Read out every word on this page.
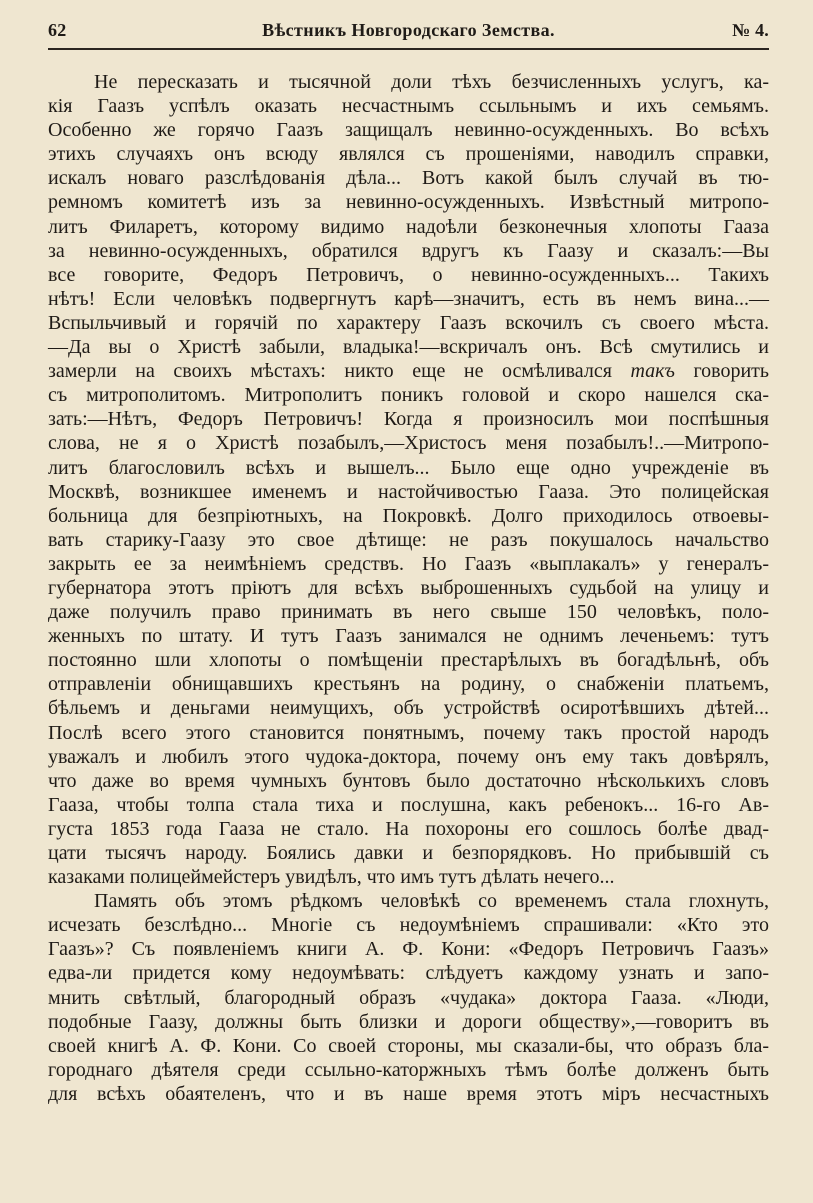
62	Вѣстникъ Новгородскаго Земства.	№ 4.
Не пересказать и тысячной доли тѣхъ безчисленныхъ услугъ, ка-
кія Гаазъ успѣлъ оказать несчастнымъ ссыльнымъ и ихъ семьямъ.
Особенно же горячо Гаазъ защищалъ невинно-осужденныхъ. Во всѣхъ
этихъ случаяхъ онъ всюду являлся съ прошеніями, наводилъ справки,
искалъ новаго разслѣдованія дѣла... Вотъ какой былъ случай въ тю-
ремномъ комитетѣ изъ за невинно-осужденныхъ. Извѣстный митропо-
литъ Филаретъ, которому видимо надоѣли безконечныя хлопоты Гааза
за невинно-осужденныхъ, обратился вдругъ къ Гаазу и сказалъ:—Вы
все говорите, Федоръ Петровичъ, о невинно-осужденныхъ... Такихъ
нѣтъ! Если человѣкъ подвергнутъ карѣ—значитъ, есть въ немъ вина...—
Вспыльчивый и горячій по характеру Гаазъ вскочилъ съ своего мѣста.
—Да вы о Христѣ забыли, владыка!—вскричалъ онъ. Всѣ смутились и
замерли на своихъ мѣстахъ: никто еще не осмѣливался такъ говорить
съ митрополитомъ. Митрополитъ поникъ головой и скоро нашелся ска-
зать:—Нѣтъ, Федоръ Петровичъ! Когда я произносилъ мои поспѣшныя
слова, не я о Христѣ позабылъ,—Христосъ меня позабылъ!..—Митропо-
литъ благословилъ всѣхъ и вышелъ... Было еще одно учрежденіе въ
Москвѣ, возникшее именемъ и настойчивостью Гааза. Это полицейская
больница для безпріютныхъ, на Покровкѣ. Долго приходилось отвоевы-
вать старику-Гаазу это свое дѣтище: не разъ покушалось начальство
закрыть ее за неимѣніемъ средствъ. Но Гаазъ «выплакалъ» у генералъ-
губернатора этотъ пріютъ для всѣхъ выброшенныхъ судьбой на улицу и
даже получилъ право принимать въ него свыше 150 человѣкъ, поло-
женныхъ по штату. И тутъ Гаазъ занимался не однимъ леченьемъ: тутъ
постоянно шли хлопоты о помѣщеніи престарѣлыхъ въ богадѣльнѣ, объ
отправленіи обнищавшихъ крестьянъ на родину, о снабженіи платьемъ,
бѣльемъ и деньгами неимущихъ, объ устройствѣ осиротѣвшихъ дѣтей...
Послѣ всего этого становится понятнымъ, почему такъ простой народъ
уважалъ и любилъ этого чудока-доктора, почему онъ ему такъ довѣрялъ,
что даже во время чумныхъ бунтовъ было достаточно нѣсколькихъ словъ
Гааза, чтобы толпа стала тиха и послушна, какъ ребенокъ... 16-го Ав-
густа 1853 года Гааза не стало. На похороны его сошлось болѣе двад-
цати тысячъ народу. Боялись давки и безпорядковъ. Но прибывшій съ
казаками полицеймейстеръ увидѣлъ, что имъ тутъ дѣлать нечего...
Память объ этомъ рѣдкомъ человѣкѣ со временемъ стала глохнуть,
исчезать безслѣдно... Многіе съ недоумѣніемъ спрашивали: «Кто это
Гаазъ»? Съ появленіемъ книги А. Ф. Кони: «Федоръ Петровичъ Гаазъ»
едва-ли придется кому недоумѣвать: слѣдуетъ каждому узнать и запо-
мнить свѣтлый, благородный образъ «чудака» доктора Гааза. «Люди,
подобные Гаазу, должны быть близки и дороги обществу»,—говоритъ въ
своей книгѣ А. Ф. Кони. Со своей стороны, мы сказали-бы, что образъ бла-
городнаго дѣятеля среди ссыльно-каторжныхъ тѣмъ болѣе долженъ быть
для всѣхъ обаятеленъ, что и въ наше время этотъ міръ несчастныхъ
